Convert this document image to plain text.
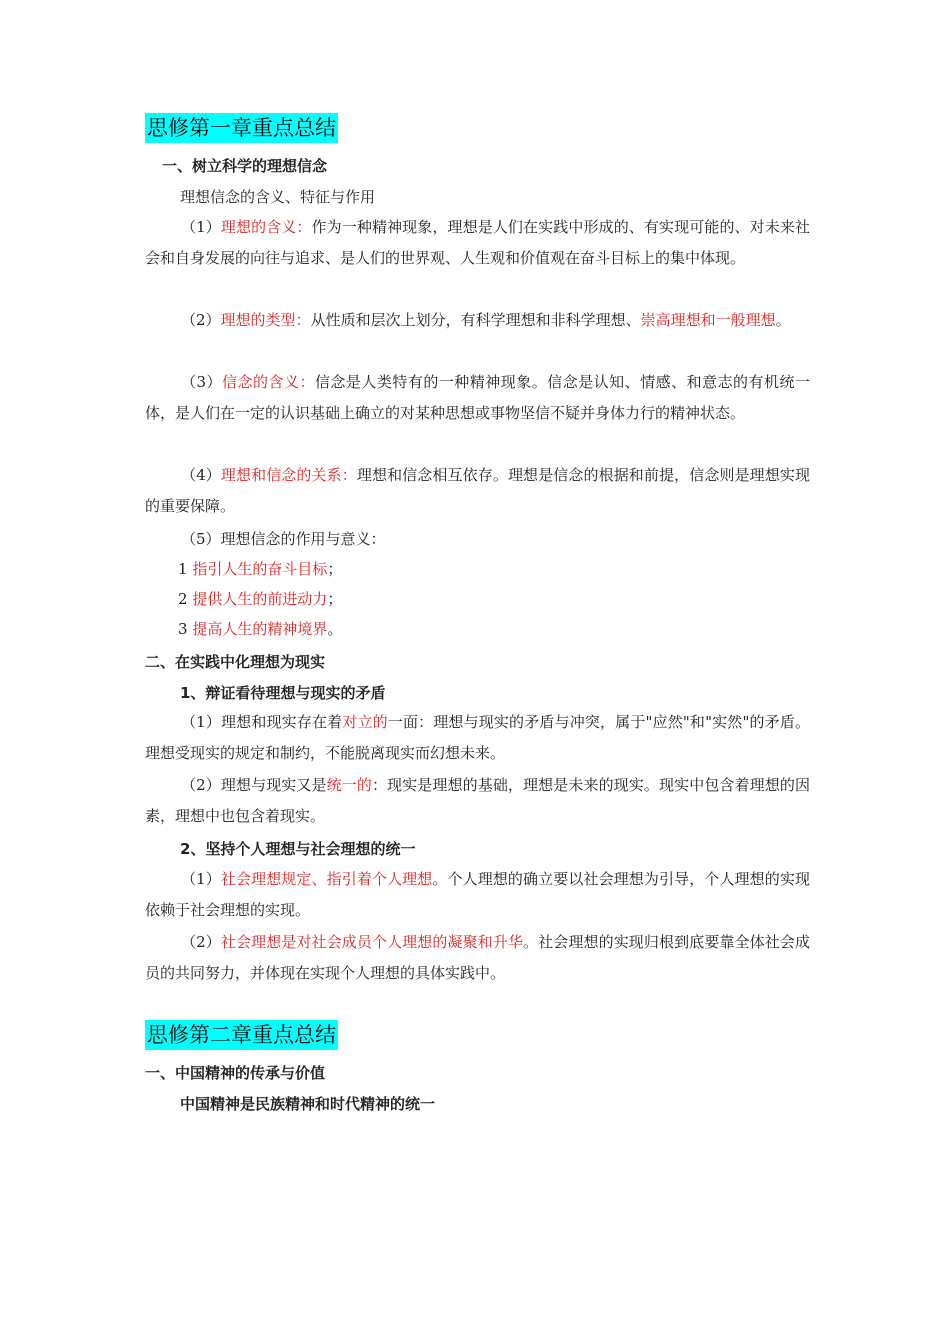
思修第一章重点总结
一、树立科学的理想信念
理想信念的含义、特征与作用
（1）理想的含义：作为一种精神现象，理想是人们在实践中形成的、有实现可能的、对未来社会和自身发展的向往与追求、是人们的世界观、人生观和价值观在奋斗目标上的集中体现。
（2）理想的类型：从性质和层次上划分，有科学理想和非科学理想、崇高理想和一般理想。
（3）信念的含义：信念是人类特有的一种精神现象。信念是认知、情感、和意志的有机统一体，是人们在一定的认识基础上确立的对某种思想或事物坚信不疑并身体力行的精神状态。
（4）理想和信念的关系：理想和信念相互依存。理想是信念的根据和前提，信念则是理想实现的重要保障。
（5）理想信念的作用与意义：
1 指引人生的奋斗目标；
2 提供人生的前进动力；
3 提高人生的精神境界。
二、在实践中化理想为现实
1、辩证看待理想与现实的矛盾
（1）理想和现实存在着对立的一面：理想与现实的矛盾与冲突，属于"应然"和"实然"的矛盾。理想受现实的规定和制约，不能脱离现实而幻想未来。
（2）理想与现实又是统一的：现实是理想的基础，理想是未来的现实。现实中包含着理想的因素，理想中也包含着现实。
2、坚持个人理想与社会理想的统一
（1）社会理想规定、指引着个人理想。个人理想的确立要以社会理想为引导，个人理想的实现依赖于社会理想的实现。
（2）社会理想是对社会成员个人理想的凝聚和升华。社会理想的实现归根到底要靠全体社会成员的共同努力，并体现在实现个人理想的具体实践中。
思修第二章重点总结
一、中国精神的传承与价值
中国精神是民族精神和时代精神的统一
